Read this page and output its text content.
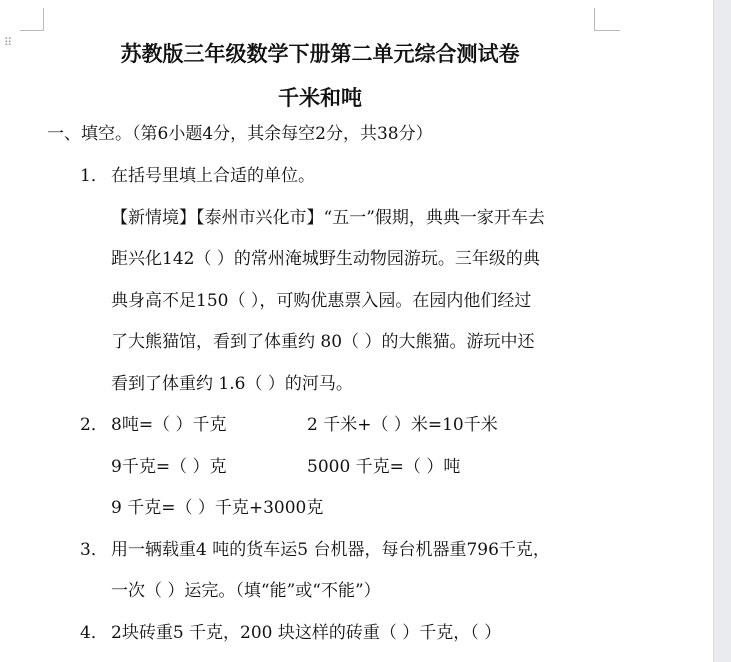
⠿	苏教版三年级数学下册第二单元综合测试卷
千米和吨
一、填空。（第6小题4分，其余每空2分，共38分）
1． 在括号里填上合适的单位。
【新情境】【泰州市兴化市】“五一”假期，典典一家开车去
距兴化142（ ）的常州淹城野生动物园游玩。三年级的典
典身高不足150（ ），可购优惠票入园。在园内他们经过
了大熊猫馆，看到了体重约 80（ ）的大熊猫。游玩中还
看到了体重约 1.6（ ）的河马。
2． 8吨=（ ）千克	2 千米+（ ）米=10千米
9千克=（ ）克	5000 千克=（ ）吨
9 千克=（ ）千克+3000克
3． 用一辆载重4 吨的货车运5 台机器，每台机器重796千克，
一次（ ）运完。（填“能”或“不能”）
4． 2块砖重5 千克，200 块这样的砖重（ ）千克，（ ）
